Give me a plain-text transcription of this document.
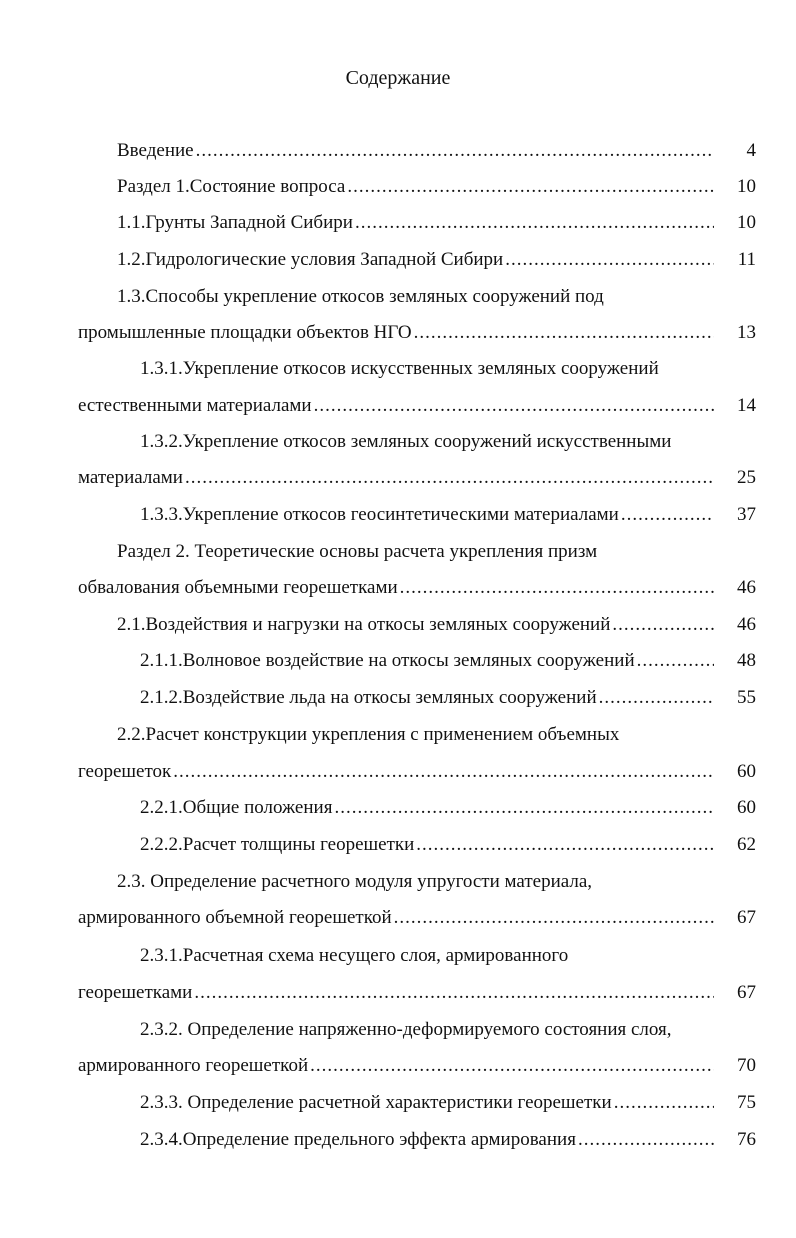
Содержание
Введение .....	4
Раздел 1.Состояние вопроса .....	10
1.1.Грунты Западной Сибири .....	10
1.2.Гидрологические условия Западной Сибири .....	11
1.3.Способы укрепление откосов земляных сооружений под
промышленные площадки объектов НГО .....	13
1.3.1.Укрепление откосов искусственных земляных сооружений
естественными материалами .....	14
1.3.2.Укрепление откосов земляных сооружений искусственными
материалами .....	25
1.3.3.Укрепление откосов геосинтетическими материалами .....	37
Раздел 2. Теоретические основы расчета укрепления призм
обвалования объемными георешетками .....	46
2.1.Воздействия и нагрузки на откосы земляных сооружений .....	46
2.1.1.Волновое воздействие на откосы земляных сооружений .....	48
2.1.2.Воздействие льда на откосы земляных сооружений .....	55
2.2.Расчет конструкции укрепления с применением объемных
георешеток .....	60
2.2.1.Общие положения .....	60
2.2.2.Расчет толщины георешетки .....	62
2.3. Определение расчетного модуля упругости материала,
армированного объемной георешеткой .....	67
2.3.1.Расчетная схема несущего слоя, армированного
георешетками .....	67
2.3.2. Определение напряженно-деформируемого состояния слоя,
армированного георешеткой .....	70
2.3.3. Определение расчетной характеристики георешетки .....	75
2.3.4.Определение предельного эффекта армирования .....	76
